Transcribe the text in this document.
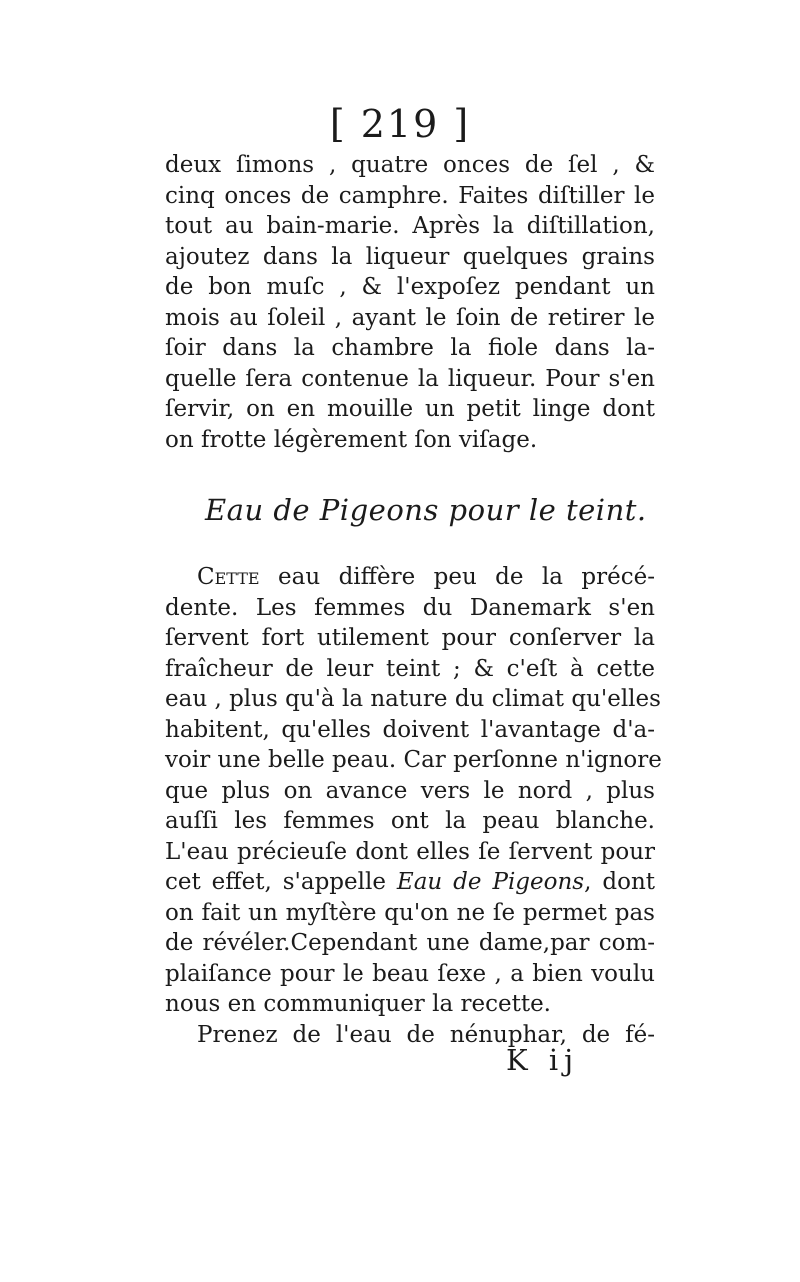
[ 219 ]
deux ſimons , quatre onces de ſel , &
cinq onces de camphre. Faites diſtiller le
tout au bain-marie. Après la diſtillation,
ajoutez dans la liqueur quelques grains
de bon muſc , & l'expoſez pendant un
mois au ſoleil , ayant le ſoin de retirer le
ſoir dans la chambre la fiole dans la-
quelle ſera contenue la liqueur. Pour s'en
ſervir, on en mouille un petit linge dont
on frotte légèrement ſon viſage.
Eau de Pigeons pour le teint.
Cette eau diffère peu de la précé-
dente. Les femmes du Danemark s'en
ſervent fort utilement pour conſerver la
fraîcheur de leur teint ; & c'eſt à cette
eau , plus qu'à la nature du climat qu'elles
habitent, qu'elles doivent l'avantage d'a-
voir une belle peau. Car perſonne n'ignore
que plus on avance vers le nord , plus
auſſi les femmes ont la peau blanche.
L'eau précieuſe dont elles ſe ſervent pour
cet effet, s'appelle Eau de Pigeons, dont
on fait un myſtère qu'on ne ſe permet pas
de révéler.Cependant une dame,par com-
plaiſance pour le beau ſexe , a bien voulu
nous en communiquer la recette.
Prenez de l'eau de nénuphar, de fé-
K ij
